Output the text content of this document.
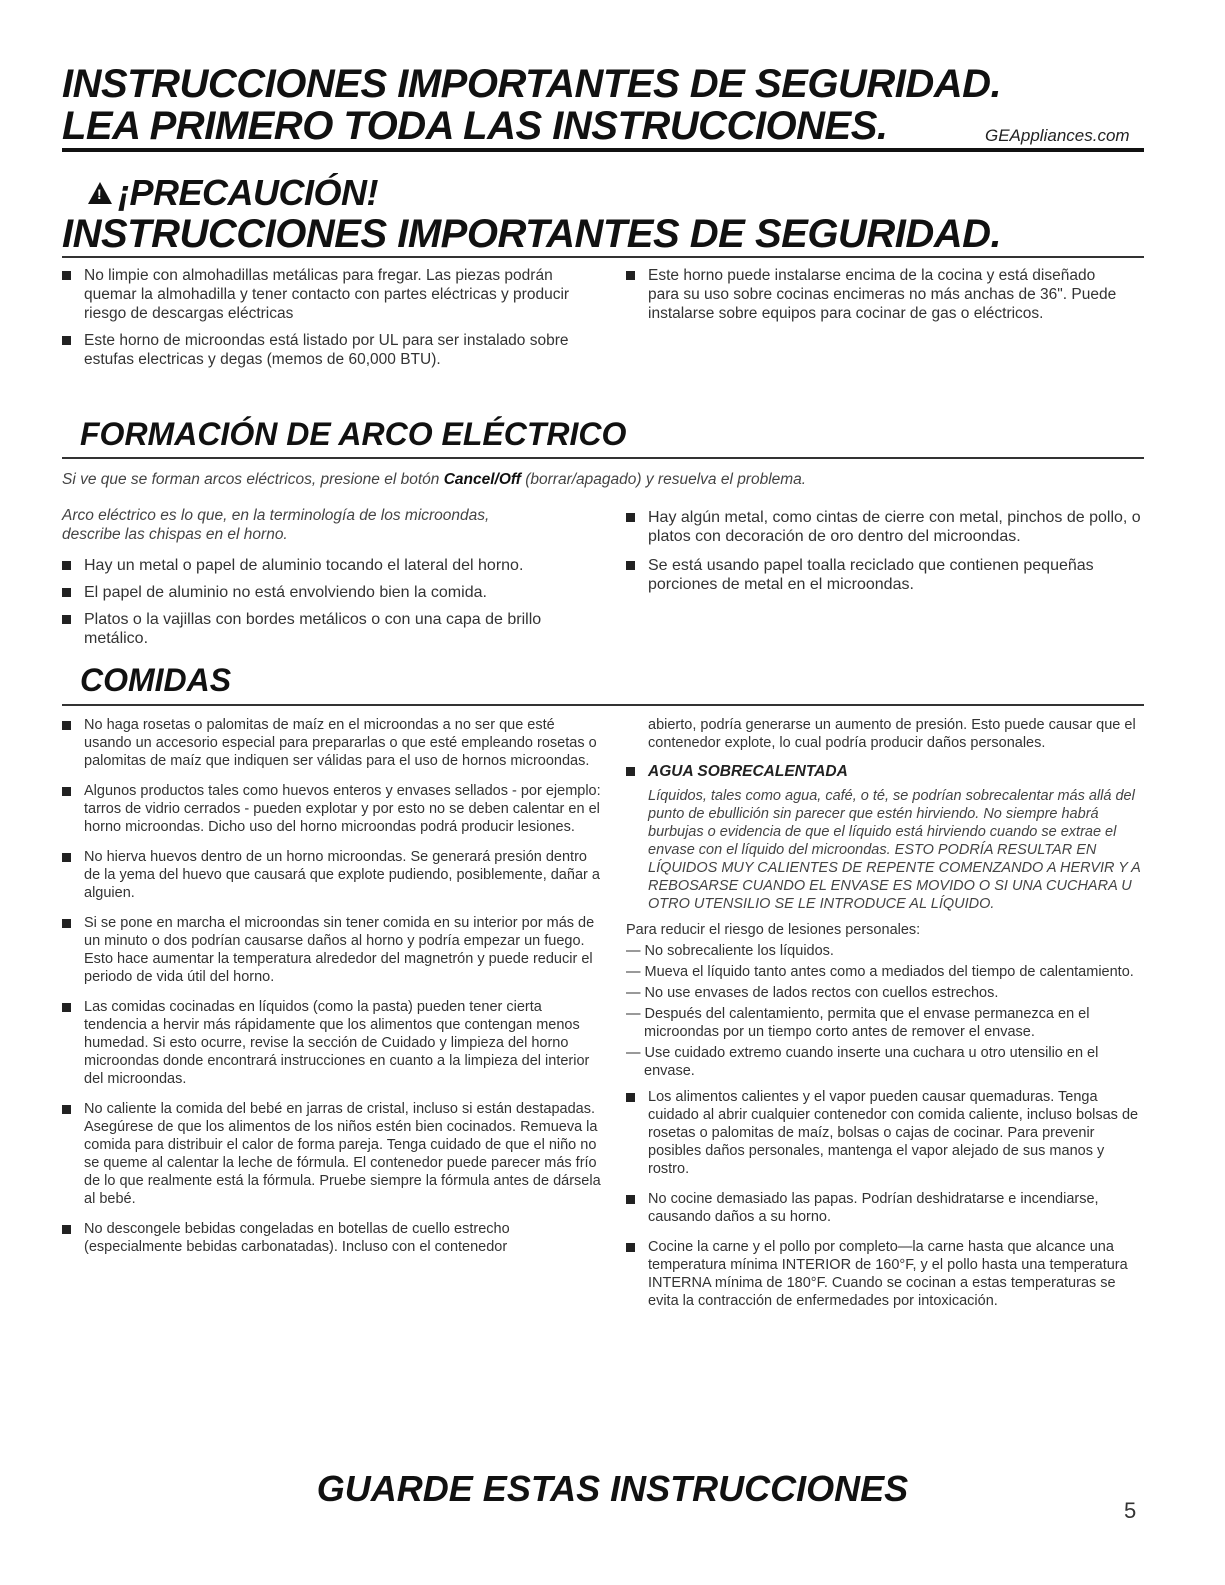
INSTRUCCIONES IMPORTANTES DE SEGURIDAD.
LEA PRIMERO TODA LAS INSTRUCCIONES.	GEAppliances.com
!
¡PRECAUCIÓN!
INSTRUCCIONES IMPORTANTES DE SEGURIDAD.
No limpie con almohadillas metálicas para fregar. Las piezas podrán quemar la almohadilla y tener contacto con partes eléctricas y producir riesgo de descargas eléctricas
Este horno de microondas está listado por UL para ser instalado sobre estufas electricas y degas (memos de 60,000 BTU).
Este horno puede instalarse encima de la cocina y está diseñado para su uso sobre cocinas encimeras no más anchas de 36". Puede instalarse sobre equipos para cocinar de gas o eléctricos.
FORMACIÓN DE ARCO ELÉCTRICO
Si ve que se forman arcos eléctricos, presione el botón Cancel/Off (borrar/apagado) y resuelva el problema.
Arco eléctrico es lo que, en la terminología de los microondas, describe las chispas en el horno.
Hay un metal o papel de aluminio tocando el lateral del horno.
El papel de aluminio no está envolviendo bien la comida.
Platos o la vajillas con bordes metálicos o con una capa de brillo metálico.
Hay algún metal, como cintas de cierre con metal, pinchos de pollo, o platos con decoración de oro dentro del microondas.
Se está usando papel toalla reciclado que contienen pequeñas porciones de metal en el microondas.
COMIDAS
No haga rosetas o palomitas de maíz en el microondas a no ser que esté usando un accesorio especial para prepararlas o que esté empleando rosetas o palomitas de maíz que indiquen ser válidas para el uso de hornos microondas.
Algunos productos tales como huevos enteros y envases sellados - por ejemplo: tarros de vidrio cerrados - pueden explotar y por esto no se deben calentar en el horno microondas. Dicho uso del horno microondas podrá producir lesiones.
No hierva huevos dentro de un horno microondas. Se generará presión dentro de la yema del huevo que causará que explote pudiendo, posiblemente, dañar a alguien.
Si se pone en marcha el microondas sin tener comida en su interior por más de un minuto o dos podrían causarse daños al horno y podría empezar un fuego. Esto hace aumentar la temperatura alrededor del magnetrón y puede reducir el periodo de vida útil del horno.
Las comidas cocinadas en líquidos (como la pasta) pueden tener cierta tendencia a hervir más rápidamente que los alimentos que contengan menos humedad. Si esto ocurre, revise la sección de Cuidado y limpieza del horno microondas donde encontrará instrucciones en cuanto a la limpieza del interior del microondas.
No caliente la comida del bebé en jarras de cristal, incluso si están destapadas. Asegúrese de que los alimentos de los niños estén bien cocinados. Remueva la comida para distribuir el calor de forma pareja. Tenga cuidado de que el niño no se queme al calentar la leche de fórmula. El contenedor puede parecer más frío de lo que realmente está la fórmula. Pruebe siempre la fórmula antes de dársela al bebé.
No descongele bebidas congeladas en botellas de cuello estrecho (especialmente bebidas carbonatadas). Incluso con el contenedor
abierto, podría generarse un aumento de presión. Esto puede causar que el contenedor explote, lo cual podría producir daños personales.
AGUA SOBRECALENTADA
Líquidos, tales como agua, café, o té, se podrían sobrecalentar más allá del punto de ebullición sin parecer que estén hirviendo. No siempre habrá burbujas o evidencia de que el líquido está hirviendo cuando se extrae el envase con el líquido del microondas. ESTO PODRÍA RESULTAR EN LÍQUIDOS MUY CALIENTES DE REPENTE COMENZANDO A HERVIR Y A REBOSARSE CUANDO EL ENVASE ES MOVIDO O SI UNA CUCHARA U OTRO UTENSILIO SE LE INTRODUCE AL LÍQUIDO.
Para reducir el riesgo de lesiones personales:
— No sobrecaliente los líquidos.
— Mueva el líquido tanto antes como a mediados del tiempo de calentamiento.
— No use envases de lados rectos con cuellos estrechos.
— Después del calentamiento, permita que el envase permanezca en el microondas por un tiempo corto antes de remover el envase.
— Use cuidado extremo cuando inserte una cuchara u otro utensilio en el envase.
Los alimentos calientes y el vapor pueden causar quemaduras. Tenga cuidado al abrir cualquier contenedor con comida caliente, incluso bolsas de rosetas o palomitas de maíz, bolsas o cajas de cocinar. Para prevenir posibles daños personales, mantenga el vapor alejado de sus manos y rostro.
No cocine demasiado las papas. Podrían deshidratarse e incendiarse, causando daños a su horno.
Cocine la carne y el pollo por completo—la carne hasta que alcance una temperatura mínima INTERIOR de 160°F, y el pollo hasta una temperatura INTERNA mínima de 180°F. Cuando se cocinan a estas temperaturas se evita la contracción de enfermedades por intoxicación.
GUARDE ESTAS INSTRUCCIONES
5
